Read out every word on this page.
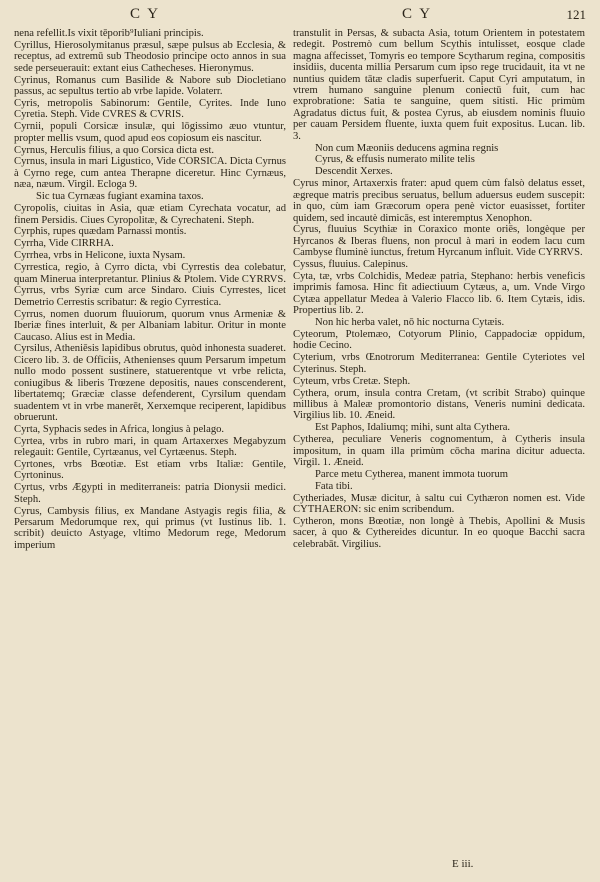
C Y	C Y	121

nena refellit.Is vixit tēporib⁹Iuliani principis.

Cyrillus, Hierosolymitanus præsul, sæpe pulsus ab Ecclesia, & receptus, ad extremū sub Theodosio principe octo annos in sua sede perseuerauit: extant eius Cathecheses. Hieronymus.

Cyrinus, Romanus cum Basilide & Nabore sub Diocletiano passus, ac sepultus tertio ab vrbe lapide. Volaterr.

Cyris, metropolis Sabinorum: Gentile, Cyrites. Inde Iuno Cyretia. Steph. Vide CVRES & CVRIS.

Cyrnii, populi Corsicæ insulæ, qui lōgissimo æuo vtuntur, propter mellis vsum, quod apud eos copiosum eis nascitur.

Cyrnus, Herculis filius, a quo Corsica dicta est.

Cyrnus, insula in mari Ligustico, Vide CORSICA. Dicta Cyrnus à Cyrno rege, cum antea Therapne diceretur. Hinc Cyrnæus, næa, næum. Virgil. Ecloga 9.

Sic tua Cyrnæas fugiant examina taxos.

Cyropolis, ciuitas in Asia, quæ etiam Cyrechata vocatur, ad finem Persidis. Ciues Cyropolitæ, & Cyrechateni. Steph.

Cyrphis, rupes quædam Parnassi montis.

Cyrrha, Vide CIRRHA.

Cyrrhea, vrbs in Helicone, iuxta Nysam.

Cyrrestica, regio, à Cyrro dicta, vbi Cyrrestis dea colebatur, quam Minerua interpretantur. Plinius & Ptolem. Vide CYRRVS.

Cyrrus, vrbs Syriæ cum arce Sindaro. Ciuis Cyrrestes, licet Demetrio Cerrestis scribatur: & regio Cyrrestica.

Cyrrus, nomen duorum fluuiorum, quorum vnus Armeniæ & Iberiæ fines interluit, & per Albaniam labitur. Oritur in monte Caucaso. Alius est in Media.

Cyrsilus, Atheniēsis lapidibus obrutus, quòd inhonesta suaderet. Cicero lib. 3. de Officiis, Athenienses quum Persarum impetum nullo modo possent sustinere, statuerentque vt vrbe relicta, coniugibus & liberis Trœzene depositis, naues conscenderent, libertatemq; Græciæ classe defenderent, Cyrsilum quendam suadentem vt in vrbe manerēt, Xerxemque reciperent, lapidibus obruerunt.

Cyrta, Syphacis sedes in Africa, longius à pelago.

Cyrtea, vrbs in rubro mari, in quam Artaxerxes Megabyzum relegauit: Gentile, Cyrtæanus, vel Cyrtæenus. Steph.

Cyrtones, vrbs Bœotiæ. Est etiam vrbs Italiæ: Gentile, Cyrtoninus.

Cyrtus, vrbs Ægypti in mediterraneis: patria Dionysii medici. Steph.

Cyrus, Cambysis filius, ex Mandane Astyagis regis filia, & Persarum Medorumque rex, qui primus (vt Iustinus lib. 1. scribit) deuicto Astyage, vltimo Medorum rege, Medorum imperium

transtulit in Persas, & subacta Asia, totum Orientem in potestatem redegit. Postremò cum bellum Scythis intulisset, eosque clade magna affecisset, Tomyris eo tempore Scytharum regina, compositis insidiis, ducenta millia Persarum cum ipso rege trucidauit, ita vt ne nuntius quidem tātæ cladis superfuerit. Caput Cyri amputatum, in vtrem humano sanguine plenum coniectū fuit, cum hac exprobratione: Satia te sanguine, quem sitisti. Hic primùm Agradatus dictus fuit, & postea Cyrus, ab eiusdem nominis fluuio per cauam Persidem fluente, iuxta quem fuit expositus. Lucan. lib. 3.

Non cum Mæoniis deducens agmina regnis

Cyrus, & effusis numerato milite telis

Descendit Xerxes.

Cyrus minor, Artaxerxis frater: apud quem cùm falsò delatus esset, ægreque matris precibus seruatus, bellum aduersus eudem suscepit: in quo, cùm iam Græcorum opera penè victor euasisset, fortiter quidem, sed incautè dimicās, est interemptus Xenophon.

Cyrus, fluuius Scythiæ in Coraxico monte oriēs, longèque per Hyrcanos & Iberas fluens, non procul à mari in eodem lacu cum Cambyse fluminè iunctus, fretum Hyrcanum influit. Vide CYRRVS.

Cyssus, fluuius. Calepinus.

Cyta, tæ, vrbs Colchidis, Medeæ patria, Stephano: herbis veneficis imprimis famosa. Hinc fit adiectiuum Cytæus, a, um. Vnde Virgo Cytæa appellatur Medea à Valerio Flacco lib. 6. Item Cytæis, idis. Propertius lib. 2.

Non hic herba valet, nō hic nocturna Cytæis.

Cyteorum, Ptolemæo, Cotyorum Plinio, Cappadociæ oppidum, hodie Cecino.

Cyterium, vrbs Œnotrorum Mediterranea: Gentile Cyteriotes vel Cyterinus. Steph.

Cyteum, vrbs Cretæ. Steph.

Cythera, orum, insula contra Cretam, (vt scribit Strabo) quinque millibus à Maleæ promontorio distans, Veneris numini dedicata. Virgilius lib. 10. Æneid.

Est Paphos, Idaliumq; mihi, sunt alta Cythera.

Cytherea, peculiare Veneris cognomentum, à Cytheris insula impositum, in quam illa primùm cōcha marina dicitur aduecta. Virgil. 1. Æneid.

Parce metu Cytherea, manent immota tuorum

Fata tibi.

Cytheriades, Musæ dicitur, à saltu cui Cythæron nomen est. Vide CYTHAERON: sic enim scribendum.

Cytheron, mons Bœotiæ, non longè à Thebis, Apollini & Musis sacer, à quo & Cythereides dicuntur. In eo quoque Bacchi sacra celebrabāt. Virgilius.

E iii.
